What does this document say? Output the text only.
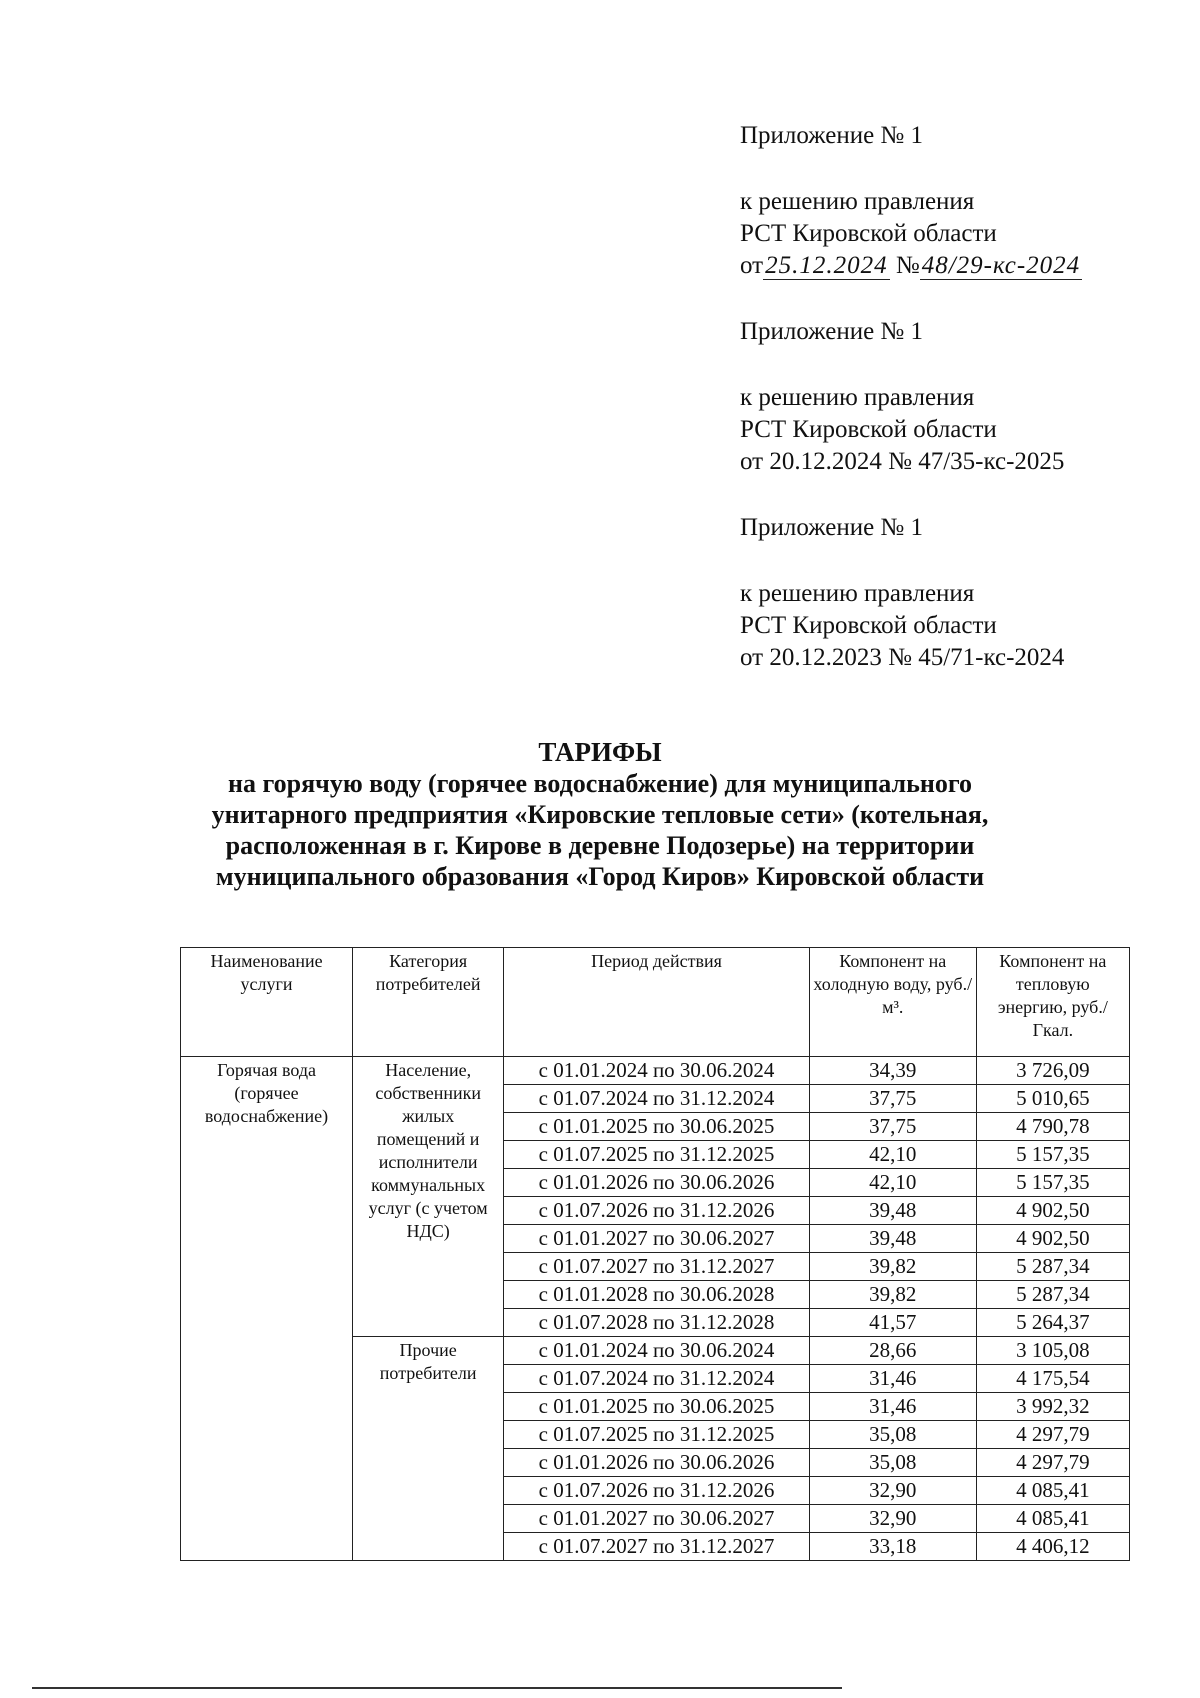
Приложение № 1
к решению правления
РСТ Кировской области
от25.12.2024 №48/29-кс-2024
Приложение № 1
к решению правления
РСТ Кировской области
от 20.12.2024 № 47/35-кс-2025
Приложение № 1
к решению правления
РСТ Кировской области
от 20.12.2023 № 45/71-кс-2024
ТАРИФЫ
на горячую воду (горячее водоснабжение) для муниципального
унитарного предприятия «Кировские тепловые сети» (котельная,
расположенная в г. Кирове в деревне Подозерье) на территории
муниципального образования «Город Киров» Кировской области
Наименование услуги	Категория потребителей	Период действия	Компонент на холодную воду, руб./м³.	Компонент на тепловую энергию, руб./Гкал.
Горячая вода (горячее водоснабжение)	Население, собственники жилых помещений и исполнители коммунальных услуг (с учетом НДС)	с 01.01.2024 по 30.06.2024	34,39	3 726,09
		с 01.07.2024 по 31.12.2024	37,75	5 010,65
		с 01.01.2025 по 30.06.2025	37,75	4 790,78
		с 01.07.2025 по 31.12.2025	42,10	5 157,35
		с 01.01.2026 по 30.06.2026	42,10	5 157,35
		с 01.07.2026 по 31.12.2026	39,48	4 902,50
		с 01.01.2027 по 30.06.2027	39,48	4 902,50
		с 01.07.2027 по 31.12.2027	39,82	5 287,34
		с 01.01.2028 по 30.06.2028	39,82	5 287,34
		с 01.07.2028 по 31.12.2028	41,57	5 264,37
	Прочие потребители	с 01.01.2024 по 30.06.2024	28,66	3 105,08
		с 01.07.2024 по 31.12.2024	31,46	4 175,54
		с 01.01.2025 по 30.06.2025	31,46	3 992,32
		с 01.07.2025 по 31.12.2025	35,08	4 297,79
		с 01.01.2026 по 30.06.2026	35,08	4 297,79
		с 01.07.2026 по 31.12.2026	32,90	4 085,41
		с 01.01.2027 по 30.06.2027	32,90	4 085,41
		с 01.07.2027 по 31.12.2027	33,18	4 406,12
